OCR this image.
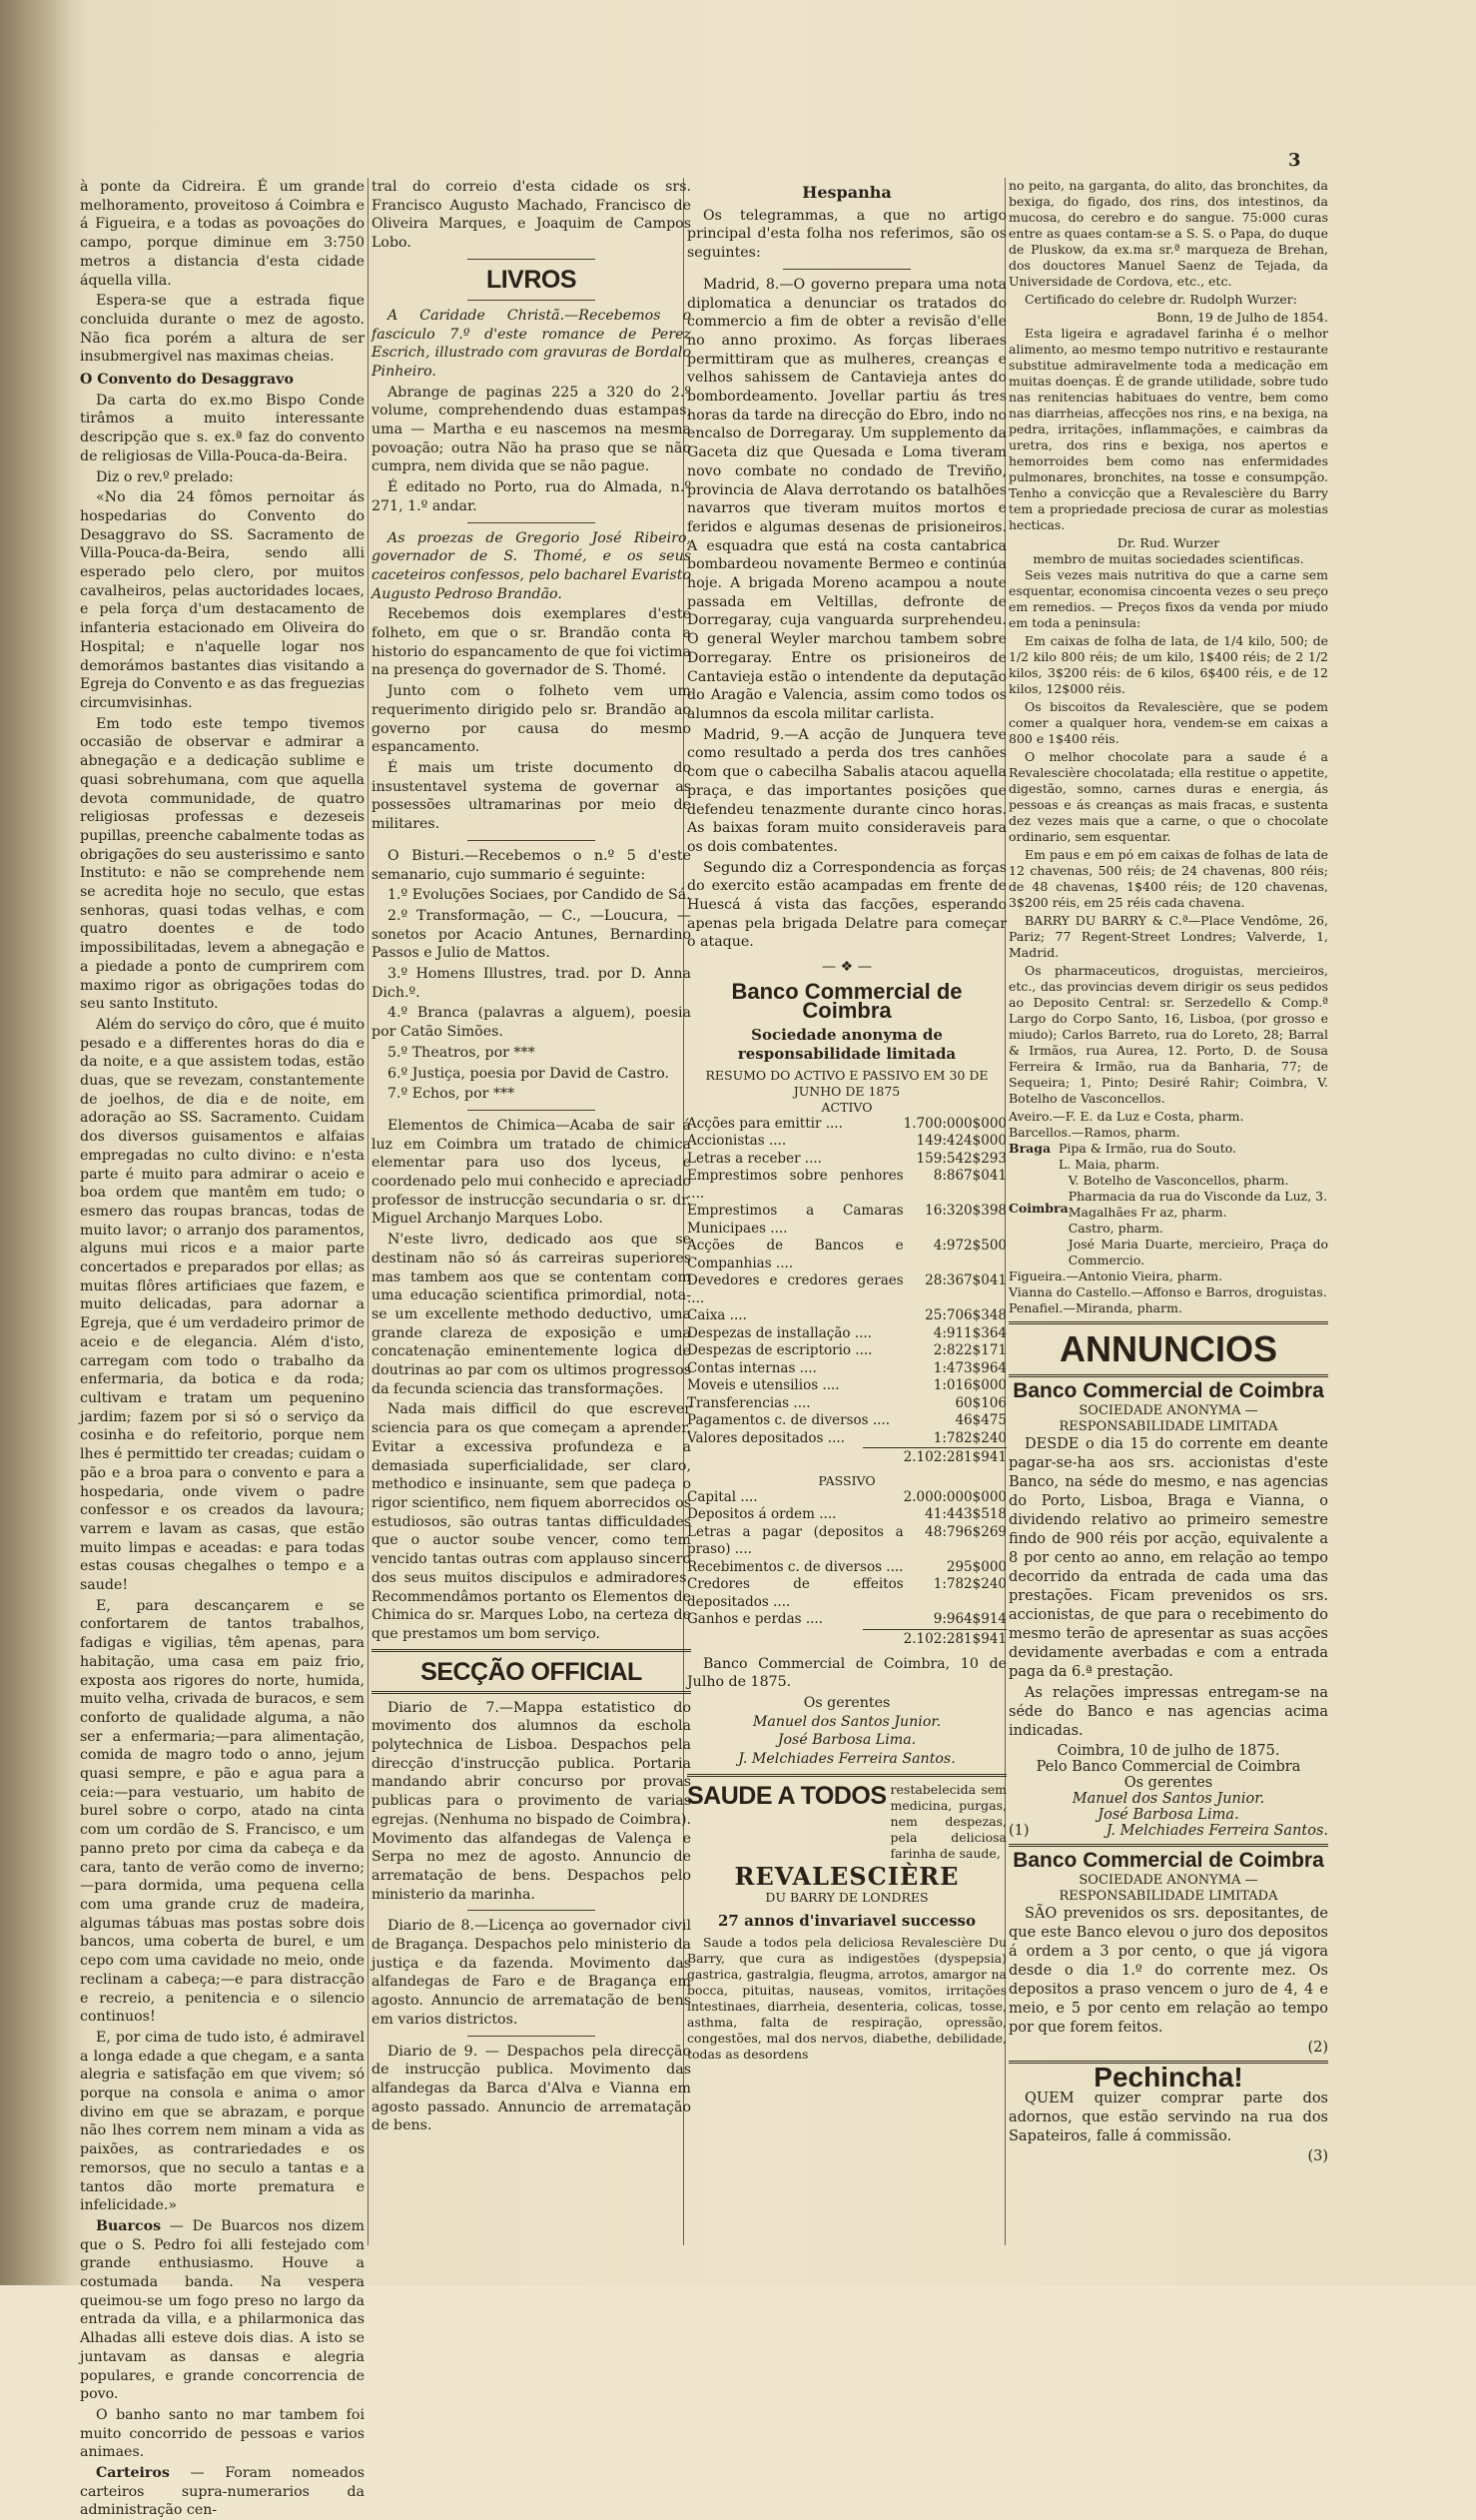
3

à ponte da Cidreira. É um grande melhoramento, proveitoso á Coimbra e á Figueira, e a todas as povoações do campo, porque diminue em 3:750 metros a distancia d'esta cidade áquella villa.

Espera-se que a estrada fique concluida durante o mez de agosto. Não fica porém a altura de ser insubmergivel nas maximas cheias.

O Convento do Desaggravo

Da carta do ex.mo Bispo Conde tirâmos a muito interessante descripção que s. ex.ª faz do convento de religiosas de Villa-Pouca-da-Beira.

Diz o rev.º prelado:

«No dia 24 fômos pernoitar ás hospedarias do Convento do Desaggravo do SS. Sacramento de Villa-Pouca-da-Beira, sendo alli esperado pelo clero, por muitos cavalheiros, pelas auctoridades locaes, e pela força d'um destacamento de infanteria estacionado em Oliveira do Hospital; e n'aquelle logar nos demorámos bastantes dias visitando a Egreja do Convento e as das freguezias circumvisinhas.

Em todo este tempo tivemos occasião de observar e admirar a abnegação e a dedicação sublime e quasi sobrehumana, com que aquella devota communidade, de quatro religiosas professas e dezeseis pupillas, preenche cabalmente todas as obrigações do seu austerissimo e santo Instituto: e não se comprehende nem se acredita hoje no seculo, que estas senhoras, quasi todas velhas, e com quatro doentes e de todo impossibilitadas, levem a abnegação e a piedade a ponto de cumprirem com maximo rigor as obrigações todas do seu santo Instituto.

Além do serviço do côro, que é muito pesado e a differentes horas do dia e da noite, e a que assistem todas, estão duas, que se revezam, constantemente de joelhos, de dia e de noite, em adoração ao SS. Sacramento. Cuidam dos diversos guisamentos e alfaias empregadas no culto divino: e n'esta parte é muito para admirar o aceio e boa ordem que mantêm em tudo; o esmero das roupas brancas, todas de muito lavor; o arranjo dos paramentos, alguns mui ricos e a maior parte concertados e preparados por ellas; as muitas flôres artificiaes que fazem, e muito delicadas, para adornar a Egreja, que é um verdadeiro primor de aceio e de elegancia. Além d'isto, carregam com todo o trabalho da enfermaria, da botica e da roda; cultivam e tratam um pequenino jardim; fazem por si só o serviço da cosinha e do refeitorio, porque nem lhes é permittido ter creadas; cuidam o pão e a broa para o convento e para a hospedaria, onde vivem o padre confessor e os creados da lavoura; varrem e lavam as casas, que estão muito limpas e aceadas: e para todas estas cousas chegalhes o tempo e a saude!

E, para descançarem e se confortarem de tantos trabalhos, fadigas e vigilias, têm apenas, para habitação, uma casa em paiz frio, exposta aos rigores do norte, humida, muito velha, crivada de buracos, e sem conforto de qualidade alguma, a não ser a enfermaria;—para alimentação, comida de magro todo o anno, jejum quasi sempre, e pão e agua para a ceia:—para vestuario, um habito de burel sobre o corpo, atado na cinta com um cordão de S. Francisco, e um panno preto por cima da cabeça e da cara, tanto de verão como de inverno;—para dormida, uma pequena cella com uma grande cruz de madeira, algumas tábuas mas postas sobre dois bancos, uma coberta de burel, e um cepo com uma cavidade no meio, onde reclinam a cabeça;—e para distracção e recreio, a penitencia e o silencio continuos!

E, por cima de tudo isto, é admiravel a longa edade a que chegam, e a santa alegria e satisfação em que vivem; só porque na consola e anima o amor divino em que se abrazam, e porque não lhes correm nem minam a vida as paixões, as contrariedades e os remorsos, que no seculo a tantas e a tantos dão morte prematura e infelicidade.»

Buarcos — De Buarcos nos dizem que o S. Pedro foi alli festejado com grande enthusiasmo. Houve a costumada banda. Na vespera queimou-se um fogo preso no largo da entrada da villa, e a philarmonica das Alhadas alli esteve dois dias. A isto se juntavam as dansas e alegria populares, e grande concorrencia de povo.

O banho santo no mar tambem foi muito concorrido de pessoas e varios animaes.

Carteiros — Foram nomeados carteiros supra-numerarios da administração cen-

tral do correio d'esta cidade os srs. Francisco Augusto Machado, Francisco de Oliveira Marques, e Joaquim de Campos Lobo.

LIVROS

A Caridade Christã.—Recebemos o fasciculo 7.º d'este romance de Perez Escrich, illustrado com gravuras de Bordalo Pinheiro.

Abrange de paginas 225 a 320 do 2.º volume, comprehendendo duas estampas, uma — Martha e eu nascemos na mesma povoação; outra Não ha praso que se não cumpra, nem divida que se não pague.

É editado no Porto, rua do Almada, n.º 271, 1.º andar.

As proezas de Gregorio José Ribeiro, governador de S. Thomé, e os seus caceteiros confessos, pelo bacharel Evaristo Augusto Pedroso Brandão.

Recebemos dois exemplares d'este folheto, em que o sr. Brandão conta a historio do espancamento de que foi victima na presença do governador de S. Thomé.

Junto com o folheto vem um requerimento dirigido pelo sr. Brandão ao governo por causa do mesmo espancamento.

É mais um triste documento do insustentavel systema de governar as possessões ultramarinas por meio de militares.

O Bisturi.—Recebemos o n.º 5 d'este semanario, cujo summario é seguinte:

1.º Evoluções Sociaes, por Candido de Sá.

2.º Transformação, — C., —Loucura, — sonetos por Acacio Antunes, Bernardino Passos e Julio de Mattos.

3.º Homens Illustres, trad. por D. Anna Dich.º.

4.º Branca (palavras a alguem), poesia por Catão Simões.

5.º Theatros, por ***

6.º Justiça, poesia por David de Castro.

7.º Echos, por ***

Elementos de Chimica—Acaba de sair á luz em Coimbra um tratado de chimica elementar para uso dos lyceus, e coordenado pelo mui conhecido e apreciado professor de instrucção secundaria o sr. dr. Miguel Archanjo Marques Lobo.

N'este livro, dedicado aos que se destinam não só ás carreiras superiores mas tambem aos que se contentam com uma educação scientifica primordial, nota-se um excellente methodo deductivo, uma grande clareza de exposição e uma concatenação eminentemente logica de doutrinas ao par com os ultimos progressos da fecunda sciencia das transformações.

Nada mais difficil do que escrever sciencia para os que começam a aprender. Evitar a excessiva profundeza e a demasiada superficialidade, ser claro, methodico e insinuante, sem que padeça o rigor scientifico, nem fiquem aborrecidos os estudiosos, são outras tantas difficuldades que o auctor soube vencer, como tem vencido tantas outras com applauso sincero dos seus muitos discipulos e admiradores. Recommendâmos portanto os Elementos de Chimica do sr. Marques Lobo, na certeza de que prestamos um bom serviço.

SECÇÃO OFFICIAL

Diario de 7.—Mappa estatistico do movimento dos alumnos da eschola polytechnica de Lisboa. Despachos pela direcção d'instrucção publica. Portaria mandando abrir concurso por provas publicas para o provimento de varias egrejas. (Nenhuma no bispado de Coimbra). Movimento das alfandegas de Valença e Serpa no mez de agosto. Annuncio de arrematação de bens. Despachos pelo ministerio da marinha.

Diario de 8.—Licença ao governador civil de Bragança. Despachos pelo ministerio da justiça e da fazenda. Movimento das alfandegas de Faro e de Bragança em agosto. Annuncio de arrematação de bens em varios districtos.

Diario de 9. — Despachos pela direcção de instrucção publica. Movimento das alfandegas da Barca d'Alva e Vianna em agosto passado. Annuncio de arrematação de bens.

Hespanha

Os telegrammas, a que no artigo principal d'esta folha nos referimos, são os seguintes:

Madrid, 8.—O governo prepara uma nota diplomatica a denunciar os tratados do commercio a fim de obter a revisão d'elle no anno proximo. As forças liberaes permittiram que as mulheres, creanças e velhos sahissem de Cantavieja antes do bombordeamento. Jovellar partiu ás tres horas da tarde na direcção do Ebro, indo no encalso de Dorregaray. Um supplemento da Gaceta diz que Quesada e Loma tiveram novo combate no condado de Treviño, provincia de Alava derrotando os batalhões navarros que tiveram muitos mortos e feridos e algumas desenas de prisioneiros. A esquadra que está na costa cantabrica bombardeou novamente Bermeo e continúa hoje. A brigada Moreno acampou a noute passada em Veltillas, defronte de Dorregaray, cuja vanguarda surprehendeu. O general Weyler marchou tambem sobre Dorregaray. Entre os prisioneiros de Cantavieja estão o intendente da deputação do Aragão e Valencia, assim como todos os alumnos da escola militar carlista.

Madrid, 9.—A acção de Junquera teve como resultado a perda dos tres canhões com que o cabecilha Sabalis atacou aquella praça, e das importantes posições que defendeu tenazmente durante cinco horas. As baixas foram muito consideraveis para os dois combatentes.

Segundo diz a Correspondencia as forças do exercito estão acampadas em frente de Huescá á vista das facções, esperando apenas pela brigada Delatre para começar o ataque.

— ❖ —
Banco Commercial de Coimbra
Sociedade anonyma de responsabilidade limitada
RESUMO DO ACTIVO E PASSIVO EM 30 DE JUNHO DE 1875
ACTIVO
Acções para emittir ....	1.700:000$000
Accionistas ....	149:424$000
Letras a receber ....	159:542$293
Emprestimos sobre penhores ....	8:867$041
Emprestimos a Camaras Municipaes ....	16:320$398
Acções de Bancos e Companhias ....	4:972$500
Devedores e credores geraes ....	28:367$041
Caixa ....	25:706$348
Despezas de installação ....	4:911$364
Despezas de escriptorio ....	2:822$171
Contas internas ....	1:473$964
Moveis e utensilios ....	1:016$000
Transferencias ....	60$106
Pagamentos c. de diversos ....	46$475
Valores depositados ....	1:782$240
2.102:281$941
PASSIVO
Capital ....	2.000:000$000
Depositos á ordem ....	41:443$518
Letras a pagar (depositos a praso) ....	48:796$269
Recebimentos c. de diversos ....	295$000
Credores de effeitos depositados ....	1:782$240
Ganhos e perdas ....	9:964$914
2.102:281$941

Banco Commercial de Coimbra, 10 de Julho de 1875.

Os gerentes
Manuel dos Santos Junior.
José Barbosa Lima.
J. Melchiades Ferreira Santos.
SAUDE A TODOS restabelecida sem medicina, purgas, nem despezas, pela deliciosa farinha de saude,
REVALESCIÈRE
DU BARRY DE LONDRES
27 annos d'invariavel successo

Saude a todos pela deliciosa Revalescière Du Barry, que cura as indigestões (dyspepsia) gastrica, gastralgia, fleugma, arrotos, amargor na bocca, pituitas, nauseas, vomitos, irritações intestinaes, diarrheia, desenteria, colicas, tosse, asthma, falta de respiração, opressão, congestões, mal dos nervos, diabethe, debilidade, todas as desordens

no peito, na garganta, do alito, das bronchites, da bexiga, do figado, dos rins, dos intestinos, da mucosa, do cerebro e do sangue. 75:000 curas entre as quaes contam-se a S. S. o Papa, do duque de Pluskow, da ex.ma sr.ª marqueza de Brehan, dos douctores Manuel Saenz de Tejada, da Universidade de Cordova, etc., etc.

Certificado do celebre dr. Rudolph Wurzer:

Bonn, 19 de Julho de 1854.

Esta ligeira e agradavel farinha é o melhor alimento, ao mesmo tempo nutritivo e restaurante substitue admiravelmente toda a medicação em muitas doenças. É de grande utilidade, sobre tudo nas renitencias habituaes do ventre, bem como nas diarrheias, affecções nos rins, e na bexiga, na pedra, irritações, inflammações, e caimbras da uretra, dos rins e bexiga, nos apertos e hemorroides bem como nas enfermidades pulmonares, bronchites, na tosse e consumpção. Tenho a convicção que a Revalescière du Barry tem a propriedade preciosa de curar as molestias hecticas.

Dr. Rud. Wurzer
membro de muitas sociedades scientificas.

Seis vezes mais nutritiva do que a carne sem esquentar, economisa cincoenta vezes o seu preço em remedios. — Preços fixos da venda por miudo em toda a peninsula:

Em caixas de folha de lata, de 1/4 kilo, 500; de 1/2 kilo 800 réis; de um kilo, 1$400 réis; de 2 1/2 kilos, 3$200 réis: de 6 kilos, 6$400 réis, e de 12 kilos, 12$000 réis.

Os biscoitos da Revalescière, que se podem comer a qualquer hora, vendem-se em caixas a 800 e 1$400 réis.

O melhor chocolate para a saude é a Revalescière chocolatada; ella restitue o appetite, digestão, somno, carnes duras e energia, ás pessoas e ás creanças as mais fracas, e sustenta dez vezes mais que a carne, o que o chocolate ordinario, sem esquentar.

Em paus e em pó em caixas de folhas de lata de 12 chavenas, 500 réis; de 24 chavenas, 800 réis; de 48 chavenas, 1$400 réis; de 120 chavenas, 3$200 réis, em 25 réis cada chavena.

BARRY DU BARRY & C.ª—Place Vendôme, 26, Pariz; 77 Regent-Street Londres; Valverde, 1, Madrid.

Os pharmaceuticos, droguistas, mercieiros, etc., das provincias devem dirigir os seus pedidos ao Deposito Central: sr. Serzedello & Comp.ª Largo do Corpo Santo, 16, Lisboa, (por grosso e miudo); Carlos Barreto, rua do Loreto, 28; Barral & Irmãos, rua Aurea, 12. Porto, D. de Sousa Ferreira & Irmão, rua da Banharia, 77; de Sequeira; 1, Pinto; Desiré Rahir; Coimbra, V. Botelho de Vasconcellos.

Aveiro.—F. E. da Luz e Costa, pharm.
Barcellos.—Ramos, pharm.
Braga Pipa & Irmão, rua do Souto.
L. Maia, pharm.
Coimbra
V. Botelho de Vasconcellos, pharm.
Pharmacia da rua do Visconde da Luz, 3.
Magalhães Fr az, pharm.
Castro, pharm.
José Maria Duarte, mercieiro, Praça do Commercio.
Figueira.—Antonio Vieira, pharm.
Vianna do Castello.—Affonso e Barros, droguistas.
Penafiel.—Miranda, pharm.
ANNUNCIOS
Banco Commercial de Coimbra
SOCIEDADE ANONYMA — RESPONSABILIDADE LIMITADA

DESDE o dia 15 do corrente em deante pagar-se-ha aos srs. accionistas d'este Banco, na séde do mesmo, e nas agencias do Porto, Lisboa, Braga e Vianna, o dividendo relativo ao primeiro semestre findo de 900 réis por acção, equivalente a 8 por cento ao anno, em relação ao tempo decorrido da entrada de cada uma das prestações. Ficam prevenidos os srs. accionistas, de que para o recebimento do mesmo terão de apresentar as suas acções devidamente averbadas e com a entrada paga da 6.ª prestação.

As relações impressas entregam-se na séde do Banco e nas agencias acima indicadas.

Coimbra, 10 de julho de 1875.
Pelo Banco Commercial de Coimbra
Os gerentes
Manuel dos Santos Junior.
José Barbosa Lima.
(1)	J. Melchiades Ferreira Santos.
Banco Commercial de Coimbra
SOCIEDADE ANONYMA — RESPONSABILIDADE LIMITADA

SÃO prevenidos os srs. depositantes, de que este Banco elevou o juro dos depositos á ordem a 3 por cento, o que já vigora desde o dia 1.º do corrente mez. Os depositos a praso vencem o juro de 4, 4 e meio, e 5 por cento em relação ao tempo por que forem feitos.

(2)
Pechincha!

QUEM quizer comprar parte dos adornos, que estão servindo na rua dos Sapateiros, falle á commissão.

(3)
